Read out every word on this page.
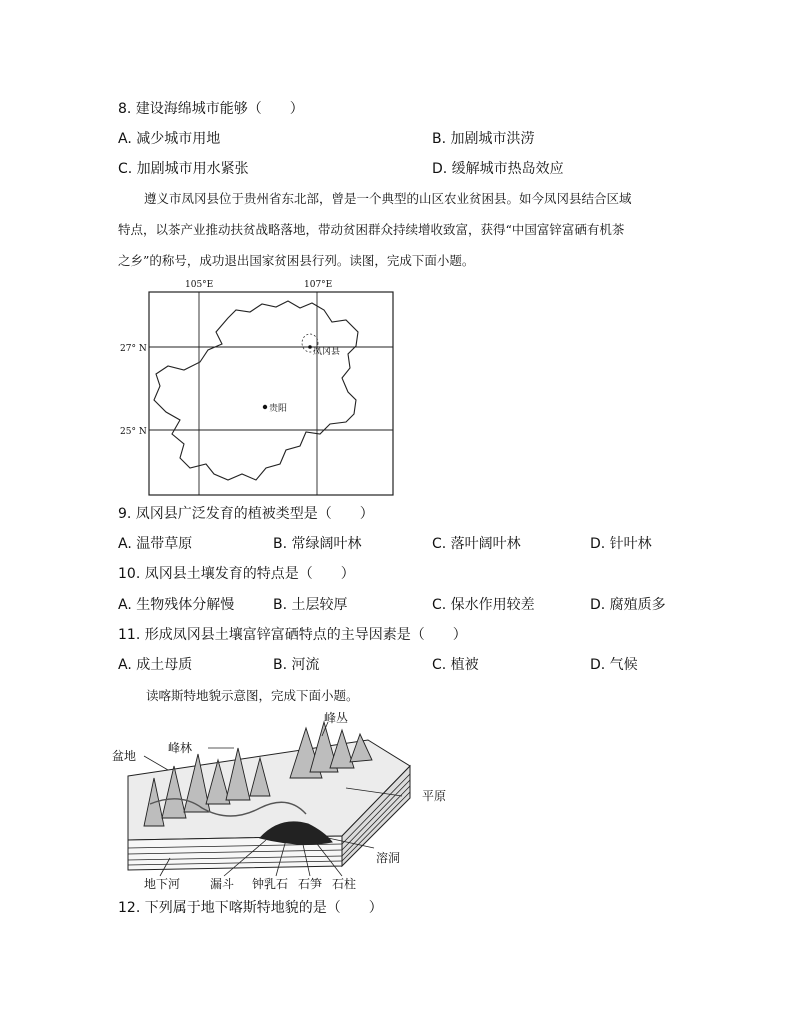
8. 建设海绵城市能够（　　）
A. 减少城市用地	B. 加剧城市洪涝
C. 加剧城市用水紧张	D. 缓解城市热岛效应

遵义市凤冈县位于贵州省东北部，曾是一个典型的山区农业贫困县。如今凤冈县结合区域

特点，以茶产业推动扶贫战略落地，带动贫困群众持续增收致富，获得“中国富锌富硒有机茶

之乡”的称号，成功退出国家贫困县行列。读图，完成下面小题。

凤冈县
贵阳
105°E	107°E
27° N
25° N
9. 凤冈县广泛发育的植被类型是（　　）
A. 温带草原	B. 常绿阔叶林	C. 落叶阔叶林	D. 针叶林
10. 凤冈县土壤发育的特点是（　　）
A. 生物残体分解慢	B. 土层较厚	C. 保水作用较差	D. 腐殖质多
11. 形成凤冈县土壤富锌富硒特点的主导因素是（　　）
A. 成土母质	B. 河流	C. 植被	D. 气候
读喀斯特地貌示意图，完成下面小题。
盆地
峰林
峰丛
平原
溶洞
地下河 漏斗 钟乳石 石笋 石柱
12. 下列属于地下喀斯特地貌的是（　　）
